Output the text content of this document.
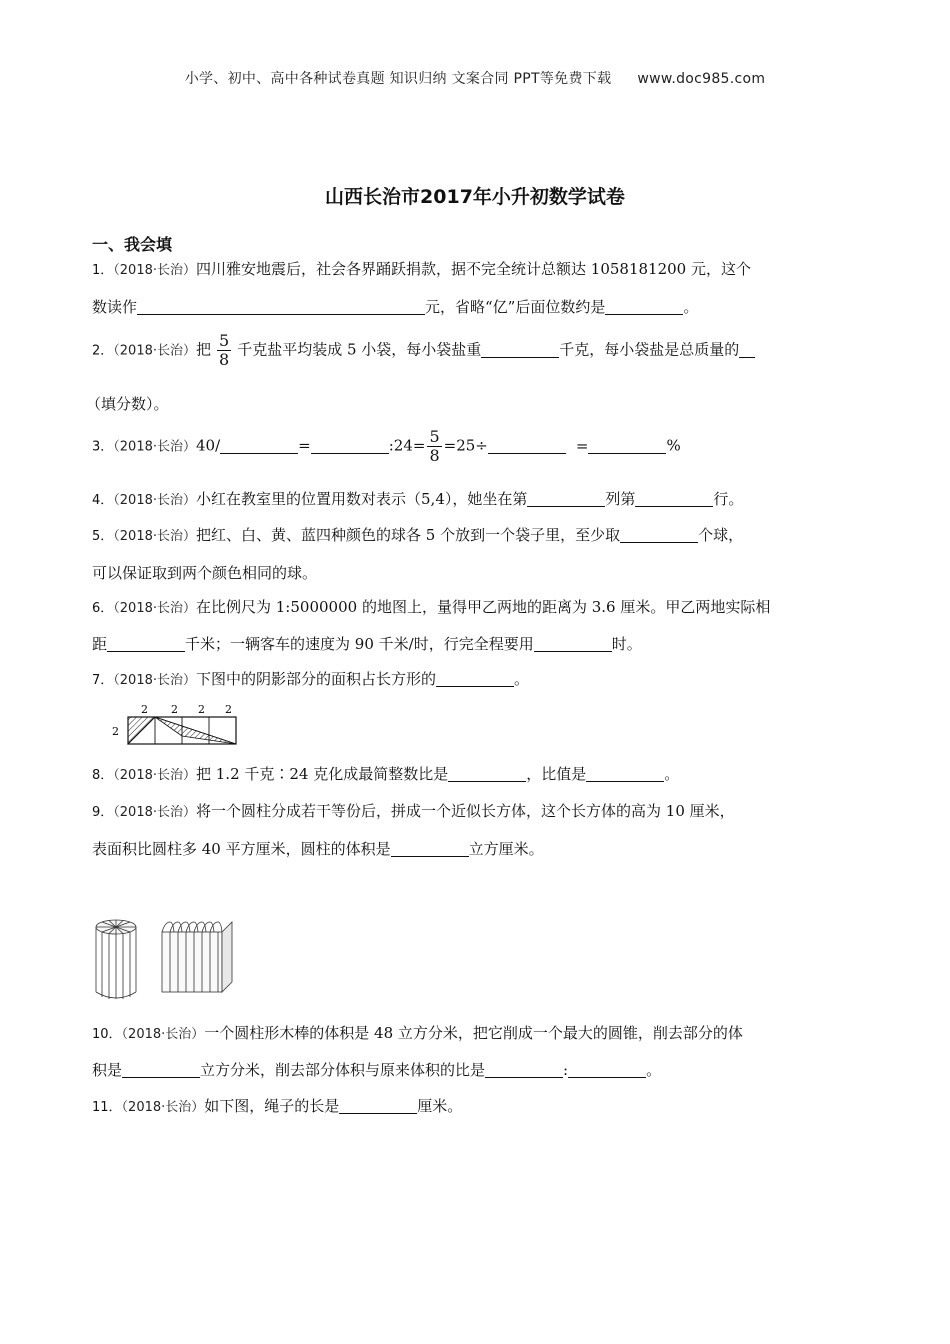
小学、初中、高中各种试卷真题 知识归纳 文案合同 PPT等免费下载 www.doc985.com
山西长治市2017年小升初数学试卷
一、我会填
1．（2018·长治）四川雅安地震后，社会各界踊跃捐款，据不完全统计总额达 1058181200 元，这个
数读作	元，省略“亿”后面位数约是	。
2．（2018·长治）把 $\frac{5}{8}$ 千克盐平均装成 5 小袋，每小袋盐重	千克，每小袋盐是总质量的
（填分数）。
3．（2018·长治）40/	=	:24= $\frac{5}{8} =25\div$	=	%
4．（2018·长治）小红在教室里的位置用数对表示（5,4），她坐在第	列第	行。
5．（2018·长治）把红、白、黄、蓝四种颜色的球各 5 个放到一个袋子里，至少取	个球，
可以保证取到两个颜色相同的球。
6．（2018·长治）在比例尺为 1:5000000 的地图上，量得甲乙两地的距离为 3.6 厘米。甲乙两地实际相
距	千米；一辆客车的速度为 90 千米/时，行完全程要用	时。
7．（2018·长治）下图中的阴影部分的面积占长方形的	。
2 2 2 2
2
8．（2018·长治）把 1.2 千克∶24 克化成最简整数比是	，比值是	。
9．（2018·长治）将一个圆柱分成若干等份后，拼成一个近似长方体，这个长方体的高为 10 厘米，
表面积比圆柱多 40 平方厘米，圆柱的体积是	立方厘米。
10．（2018·长治）一个圆柱形木棒的体积是 48 立方分米，把它削成一个最大的圆锥，削去部分的体
积是	立方分米，削去部分体积与原来体积的比是	:	。
11．（2018·长治）如下图，绳子的长是	厘米。
